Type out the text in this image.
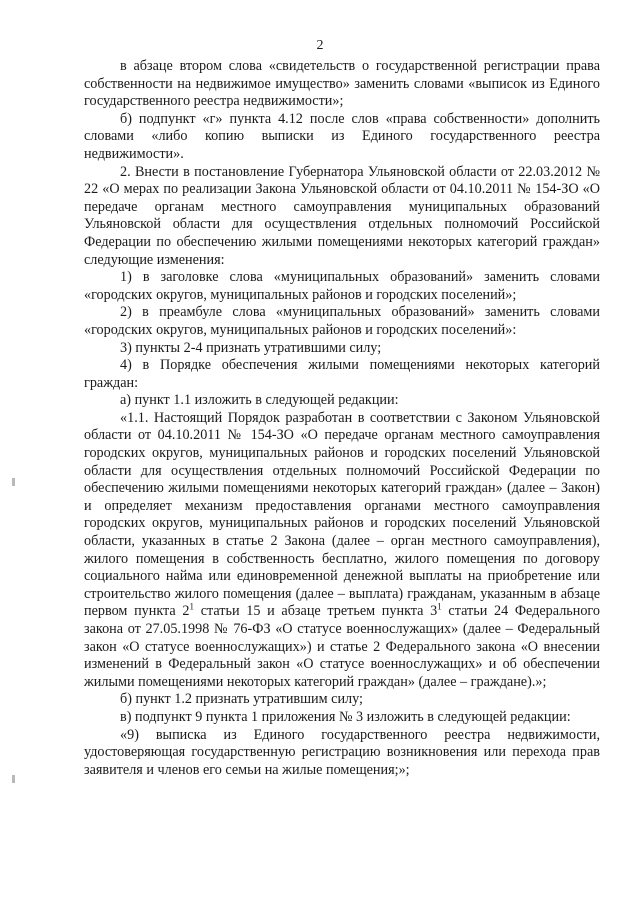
2

в абзаце втором слова «свидетельств о государственной регистрации права собственности на недвижимое имущество» заменить словами «выписок из Единого государственного реестра недвижимости»;

б) подпункт «г» пункта 4.12 после слов «права собственности» дополнить словами «либо копию выписки из Единого государственного реестра недвижимости».

2. Внести в постановление Губернатора Ульяновской области от 22.03.2012 № 22 «О мерах по реализации Закона Ульяновской области от 04.10.2011 № 154-ЗО «О передаче органам местного самоуправления муниципальных образований Ульяновской области для осуществления отдельных полномочий Российской Федерации по обеспечению жилыми помещениями некоторых категорий граждан» следующие изменения:

1) в заголовке слова «муниципальных образований» заменить словами «городских округов, муниципальных районов и городских поселений»;

2) в преамбуле слова «муниципальных образований» заменить словами «городских округов, муниципальных районов и городских поселений»:

3) пункты 2-4 признать утратившими силу;

4) в Порядке обеспечения жилыми помещениями некоторых категорий граждан:

а) пункт 1.1 изложить в следующей редакции:

«1.1. Настоящий Порядок разработан в соответствии с Законом Ульяновской области от 04.10.2011 № 154-ЗО «О передаче органам местного самоуправления городских округов, муниципальных районов и городских поселений Ульяновской области для осуществления отдельных полномочий Российской Федерации по обеспечению жилыми помещениями некоторых категорий граждан» (далее – Закон) и определяет механизм предоставления органами местного самоуправления городских округов, муниципальных районов и городских поселений Ульяновской области, указанных в статье 2 Закона (далее – орган местного самоуправления), жилого помещения в собственность бесплатно, жилого помещения по договору социального найма или единовременной денежной выплаты на приобретение или строительство жилого помещения (далее – выплата) гражданам, указанным в абзаце первом пункта $2^1$ статьи 15 и абзаце третьем пункта $3^1$ статьи 24 Федерального закона от 27.05.1998 № 76-ФЗ «О статусе военнослужащих» (далее – Федеральный закон «О статусе военнослужащих») и статье 2 Федерального закона «О внесении изменений в Федеральный закон «О статусе военнослужащих» и об обеспечении жилыми помещениями некоторых категорий граждан» (далее – граждане).»;

б) пункт 1.2 признать утратившим силу;

в) подпункт 9 пункта 1 приложения № 3 изложить в следующей редакции:

«9) выписка из Единого государственного реестра недвижимости, удостоверяющая государственную регистрацию возникновения или перехода прав заявителя и членов его семьи на жилые помещения;»;
